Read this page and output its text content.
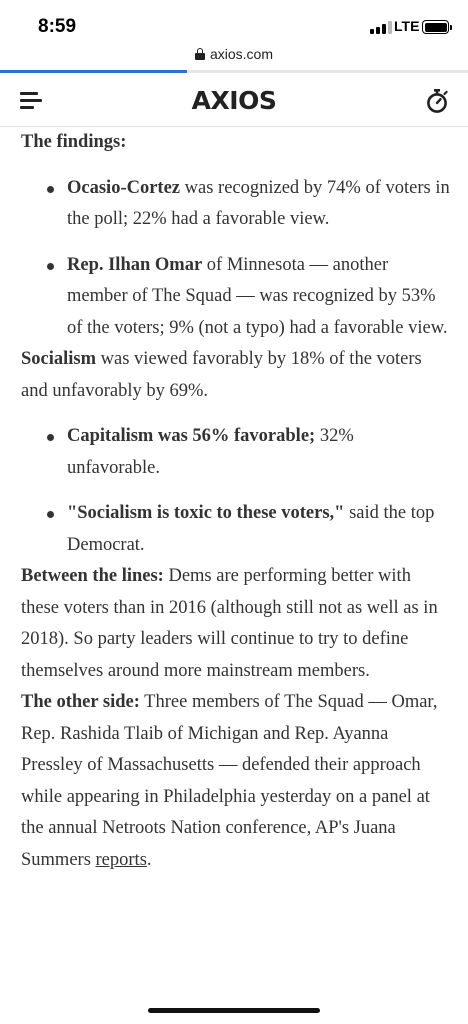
8:59	LTE
axios.com
AXIOS

The findings:

Ocasio-Cortez was recognized by 74% of voters in the poll; 22% had a favorable view.
Rep. Ilhan Omar of Minnesota — another member of The Squad — was recognized by 53% of the voters; 9% (not a typo) had a favorable view.

Socialism was viewed favorably by 18% of the voters and unfavorably by 69%.

Capitalism was 56% favorable; 32% unfavorable.
"Socialism is toxic to these voters," said the top Democrat.

Between the lines: Dems are performing better with these voters than in 2016 (although still not as well as in 2018). So party leaders will continue to try to define themselves around more mainstream members.

The other side: Three members of The Squad — Omar, Rep. Rashida Tlaib of Michigan and Rep. Ayanna Pressley of Massachusetts — defended their approach while appearing in Philadelphia yesterday on a panel at the annual Netroots Nation conference, AP's Juana Summers reports.
